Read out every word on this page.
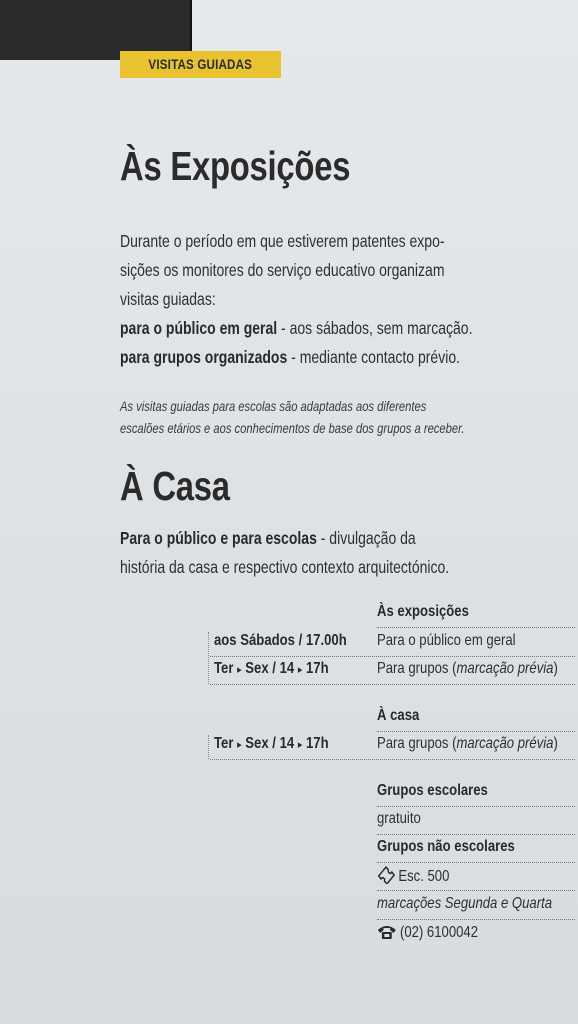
VISITAS GUIADAS
Às Exposições
Durante o período em que estiverem patentes expo-
sições os monitores do serviço educativo organizam
visitas guiadas:
para o público em geral - aos sábados, sem marcação.
para grupos organizados - mediante contacto prévio.
As visitas guiadas para escolas são adaptadas aos diferentes
escalões etários e aos conhecimentos de base dos grupos a receber.
À Casa
Para o público e para escolas - divulgação da
história da casa e respectivo contexto arquitectónico.
Às exposições
aos Sábados / 17.00h Para o público em geral
Ter ▸ Sex / 14 ▸ 17h	Para grupos (marcação prévia)
À casa
Ter ▸ Sex / 14 ▸ 17h	Para grupos (marcação prévia)
Grupos escolares
gratuito
Grupos não escolares
Esc. 500
marcações Segunda e Quarta
(02) 6100042
